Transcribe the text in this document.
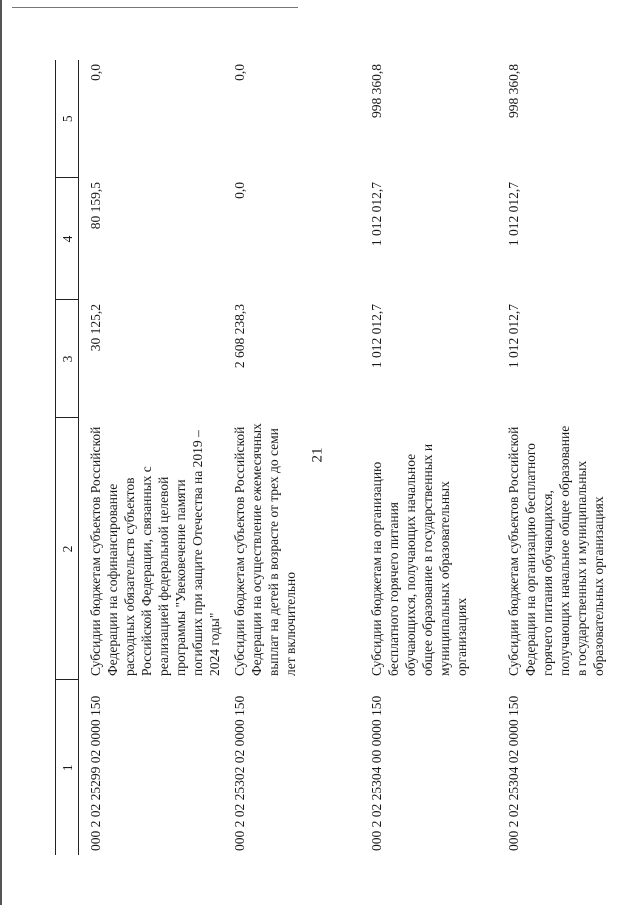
21
1	2	3	4	5
000 2 02 25299 02 0000 150	Субсидии бюджетам субъектов Российской Федерации на софинансирование расходных обязательств субъектов Российской Федерации, связанных с реализацией федеральной целевой программы "Увековечение памяти погибших при защите Отечества на 2019 – 2024 годы"	30 125,2	80 159,5	0,0
000 2 02 25302 02 0000 150	Субсидии бюджетам субъектов Российской Федерации на осуществление ежемесячных выплат на детей в возрасте от трех до семи лет включительно	2 608 238,3	0,0	0,0
000 2 02 25304 00 0000 150	Субсидии бюджетам на организацию бесплатного горячего питания обучающихся, получающих начальное общее образование в государственных и муниципальных образовательных организациях	1 012 012,7	1 012 012,7	998 360,8
000 2 02 25304 02 0000 150	Субсидии бюджетам субъектов Российской Федерации на организацию бесплатного горячего питания обучающихся, получающих начальное общее образование в государственных и муниципальных образовательных организациях	1 012 012,7	1 012 012,7	998 360,8
